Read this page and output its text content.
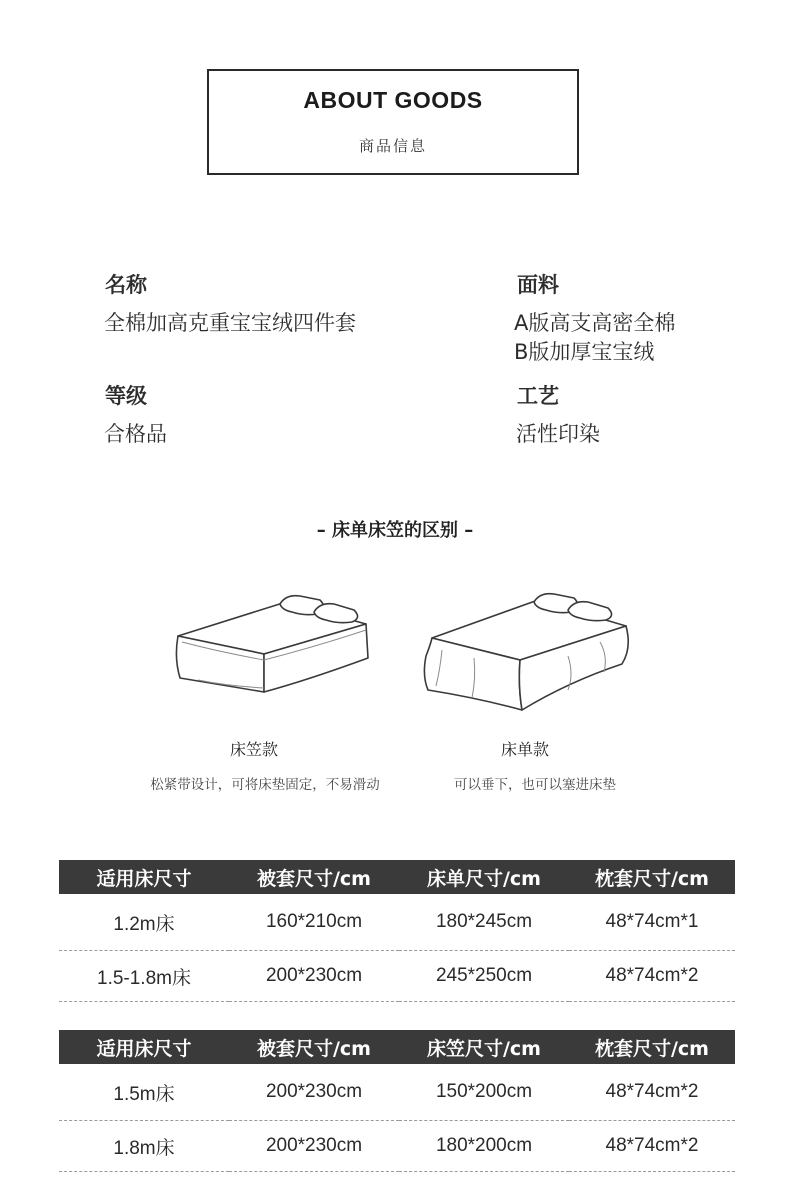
ABOUT GOODS
商品信息
名称
全棉加高克重宝宝绒四件套
面料
A版高支高密全棉
B版加厚宝宝绒
等级
合格品
工艺
活性印染
– 床单床笠的区别 –
床笠款
松紧带设计，可将床垫固定，不易滑动
床单款
可以垂下，也可以塞进床垫
适用床尺寸	被套尺寸/cm	床单尺寸/cm	枕套尺寸/cm
1.2m床	160*210cm	180*245cm	48*74cm*1
1.5-1.8m床	200*230cm	245*250cm	48*74cm*2
适用床尺寸	被套尺寸/cm	床笠尺寸/cm	枕套尺寸/cm
1.5m床	200*230cm	150*200cm	48*74cm*2
1.8m床	200*230cm	180*200cm	48*74cm*2
